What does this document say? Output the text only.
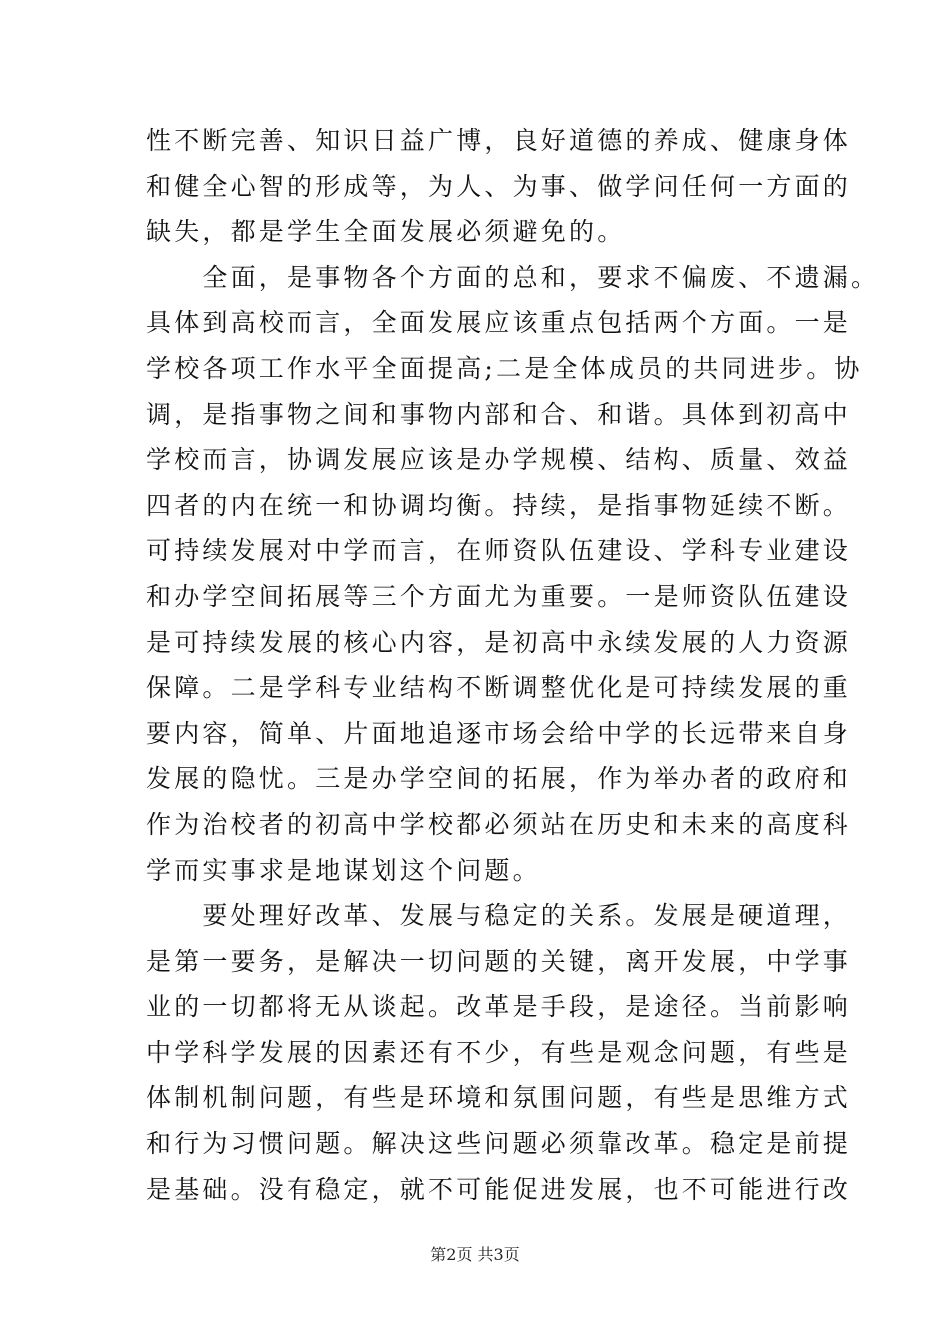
性不断完善、知识日益广博，良好道德的养成、健康身体
和健全心智的形成等，为人、为事、做学问任何一方面的
缺失，都是学生全面发展必须避免的。
　　全面，是事物各个方面的总和，要求不偏废、不遗漏。
具体到高校而言，全面发展应该重点包括两个方面。一是
学校各项工作水平全面提高;二是全体成员的共同进步。协
调，是指事物之间和事物内部和合、和谐。具体到初高中
学校而言，协调发展应该是办学规模、结构、质量、效益
四者的内在统一和协调均衡。持续，是指事物延续不断。
可持续发展对中学而言，在师资队伍建设、学科专业建设
和办学空间拓展等三个方面尤为重要。一是师资队伍建设
是可持续发展的核心内容，是初高中永续发展的人力资源
保障。二是学科专业结构不断调整优化是可持续发展的重
要内容，简单、片面地追逐市场会给中学的长远带来自身
发展的隐忧。三是办学空间的拓展，作为举办者的政府和
作为治校者的初高中学校都必须站在历史和未来的高度科
学而实事求是地谋划这个问题。
　　要处理好改革、发展与稳定的关系。发展是硬道理，
是第一要务，是解决一切问题的关键，离开发展，中学事
业的一切都将无从谈起。改革是手段，是途径。当前影响
中学科学发展的因素还有不少，有些是观念问题，有些是
体制机制问题，有些是环境和氛围问题，有些是思维方式
和行为习惯问题。解决这些问题必须靠改革。稳定是前提
是基础。没有稳定，就不可能促进发展，也不可能进行改
第2页 共3页
